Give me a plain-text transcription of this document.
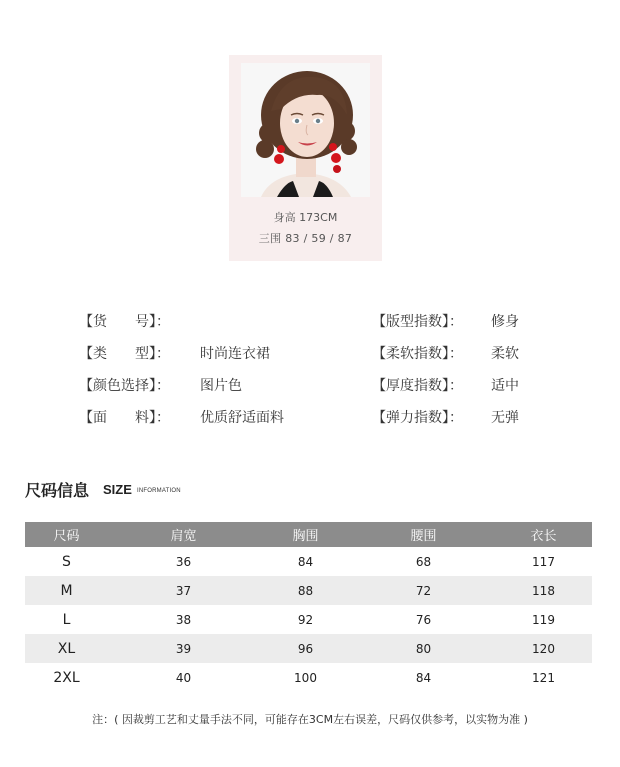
身高 173CM
三围 83 / 59 / 87
【货　　号】：	【版型指数】： 修身
【类　　型】： 时尚连衣裙	【柔软指数】： 柔软
【颜色选择】： 图片色	【厚度指数】： 适中
【面　　料】： 优质舒适面料	【弹力指数】： 无弹
尺码信息 SIZE INFORMATION
尺码	肩宽	胸围	腰围	衣长
S	36	84	68	117
M	37	88	72	118
L	38	92	76	119
XL	39	96	80	120
2XL	40	100	84	121
注：( 因裁剪工艺和丈量手法不同，可能存在3CM左右误差，尺码仅供参考，以实物为准 )
